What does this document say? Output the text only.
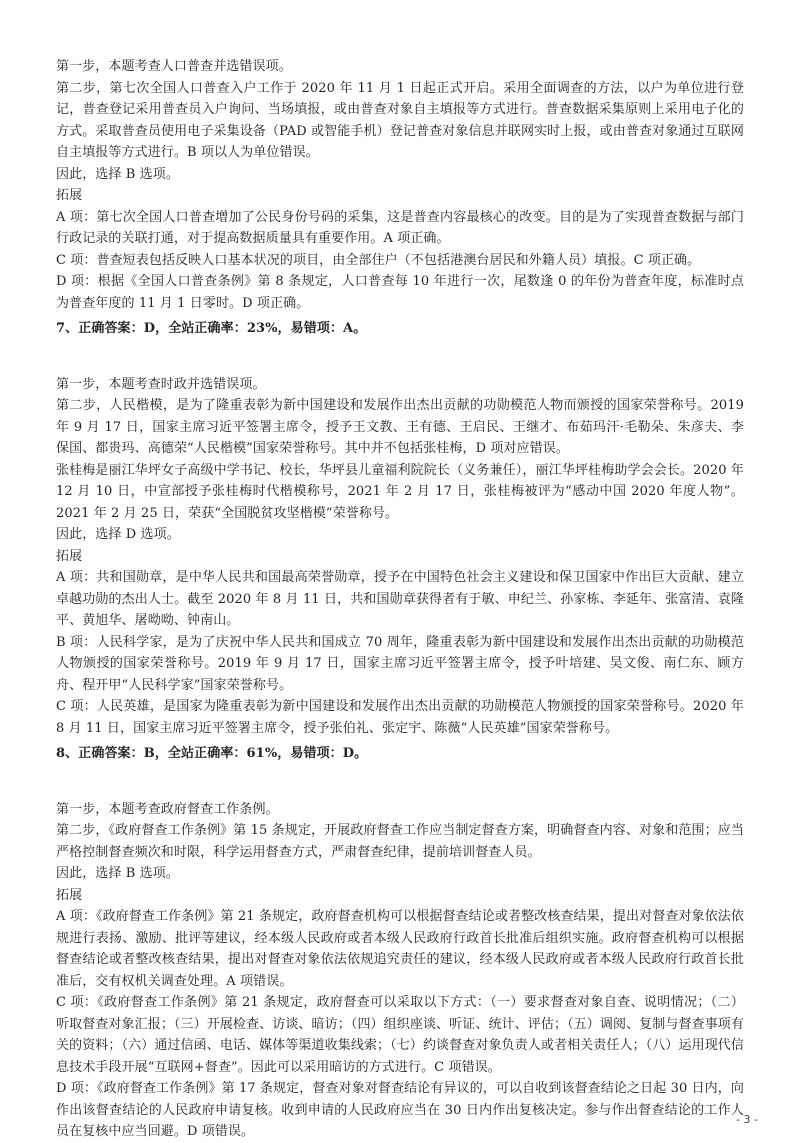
第一步，本题考查人口普查并选错误项。

第二步，第七次全国人口普查入户工作于 2020 年 11 月 1 日起正式开启。采用全面调查的方法，以户为单位进行登记，普查登记采用普查员入户询问、当场填报，或由普查对象自主填报等方式进行。普查数据采集原则上采用电子化的方式。采取普查员使用电子采集设备（PAD 或智能手机）登记普查对象信息并联网实时上报，或由普查对象通过互联网自主填报等方式进行。B 项以人为单位错误。

因此，选择 B 选项。

拓展

A 项：第七次全国人口普查增加了公民身份号码的采集，这是普查内容最核心的改变。目的是为了实现普查数据与部门行政记录的关联打通，对于提高数据质量具有重要作用。A 项正确。

C 项：普查短表包括反映人口基本状况的项目，由全部住户（不包括港澳台居民和外籍人员）填报。C 项正确。

D 项：根据《全国人口普查条例》第 8 条规定，人口普查每 10 年进行一次，尾数逢 0 的年份为普查年度，标准时点为普查年度的 11 月 1 日零时。D 项正确。

7、正确答案：D，全站正确率：23%，易错项：A。

第一步，本题考查时政并选错误项。

第二步，人民楷模，是为了隆重表彰为新中国建设和发展作出杰出贡献的功勋模范人物而颁授的国家荣誉称号。2019 年 9 月 17 日，国家主席习近平签署主席令，授予王文教、王有德、王启民、王继才、布茹玛汗·毛勒朵、朱彦夫、李保国、都贵玛、高德荣“人民楷模”国家荣誉称号。其中并不包括张桂梅，D 项对应错误。

张桂梅是丽江华坪女子高级中学书记、校长，华坪县儿童福利院院长（义务兼任），丽江华坪桂梅助学会会长。2020 年 12 月 10 日，中宣部授予张桂梅时代楷模称号，2021 年 2 月 17 日，张桂梅被评为“感动中国 2020 年度人物”。2021 年 2 月 25 日，荣获“全国脱贫攻坚楷模”荣誉称号。

因此，选择 D 选项。

拓展

A 项：共和国勋章，是中华人民共和国最高荣誉勋章，授予在中国特色社会主义建设和保卫国家中作出巨大贡献、建立卓越功勋的杰出人士。截至 2020 年 8 月 11 日，共和国勋章获得者有于敏、申纪兰、孙家栋、李延年、张富清、袁隆平、黄旭华、屠呦呦、钟南山。

B 项：人民科学家，是为了庆祝中华人民共和国成立 70 周年，隆重表彰为新中国建设和发展作出杰出贡献的功勋模范人物颁授的国家荣誉称号。2019 年 9 月 17 日，国家主席习近平签署主席令，授予叶培建、吴文俊、南仁东、顾方舟、程开甲“人民科学家”国家荣誉称号。

C 项：人民英雄，是国家为隆重表彰为新中国建设和发展作出杰出贡献的功勋模范人物颁授的国家荣誉称号。2020 年 8 月 11 日，国家主席习近平签署主席令，授予张伯礼、张定宇、陈薇“人民英雄”国家荣誉称号。

8、正确答案：B，全站正确率：61%，易错项：D。

第一步，本题考查政府督查工作条例。

第二步，《政府督查工作条例》第 15 条规定，开展政府督查工作应当制定督查方案，明确督查内容、对象和范围；应当严格控制督查频次和时限，科学运用督查方式，严肃督查纪律，提前培训督查人员。

因此，选择 B 选项。

拓展

A 项：《政府督查工作条例》第 21 条规定，政府督查机构可以根据督查结论或者整改核查结果，提出对督查对象依法依规进行表扬、激励、批评等建议，经本级人民政府或者本级人民政府行政首长批准后组织实施。政府督查机构可以根据督查结论或者整改核查结果，提出对督查对象依法依规追究责任的建议，经本级人民政府或者本级人民政府行政首长批准后，交有权机关调查处理。A 项错误。

C 项：《政府督查工作条例》第 21 条规定，政府督查可以采取以下方式：（一）要求督查对象自查、说明情况；（二）听取督查对象汇报；（三）开展检查、访谈、暗访；（四）组织座谈、听证、统计、评估；（五）调阅、复制与督查事项有关的资料；（六）通过信函、电话、媒体等渠道收集线索；（七）约谈督查对象负责人或者相关责任人；（八）运用现代信息技术手段开展“互联网+督查”。因此可以采用暗访的方式进行。C 项错误。

D 项：《政府督查工作条例》第 17 条规定，督查对象对督查结论有异议的，可以自收到该督查结论之日起 30 日内，向作出该督查结论的人民政府申请复核。收到申请的人民政府应当在 30 日内作出复核决定。参与作出督查结论的工作人员在复核中应当回避。D 项错误。

- 3 -
